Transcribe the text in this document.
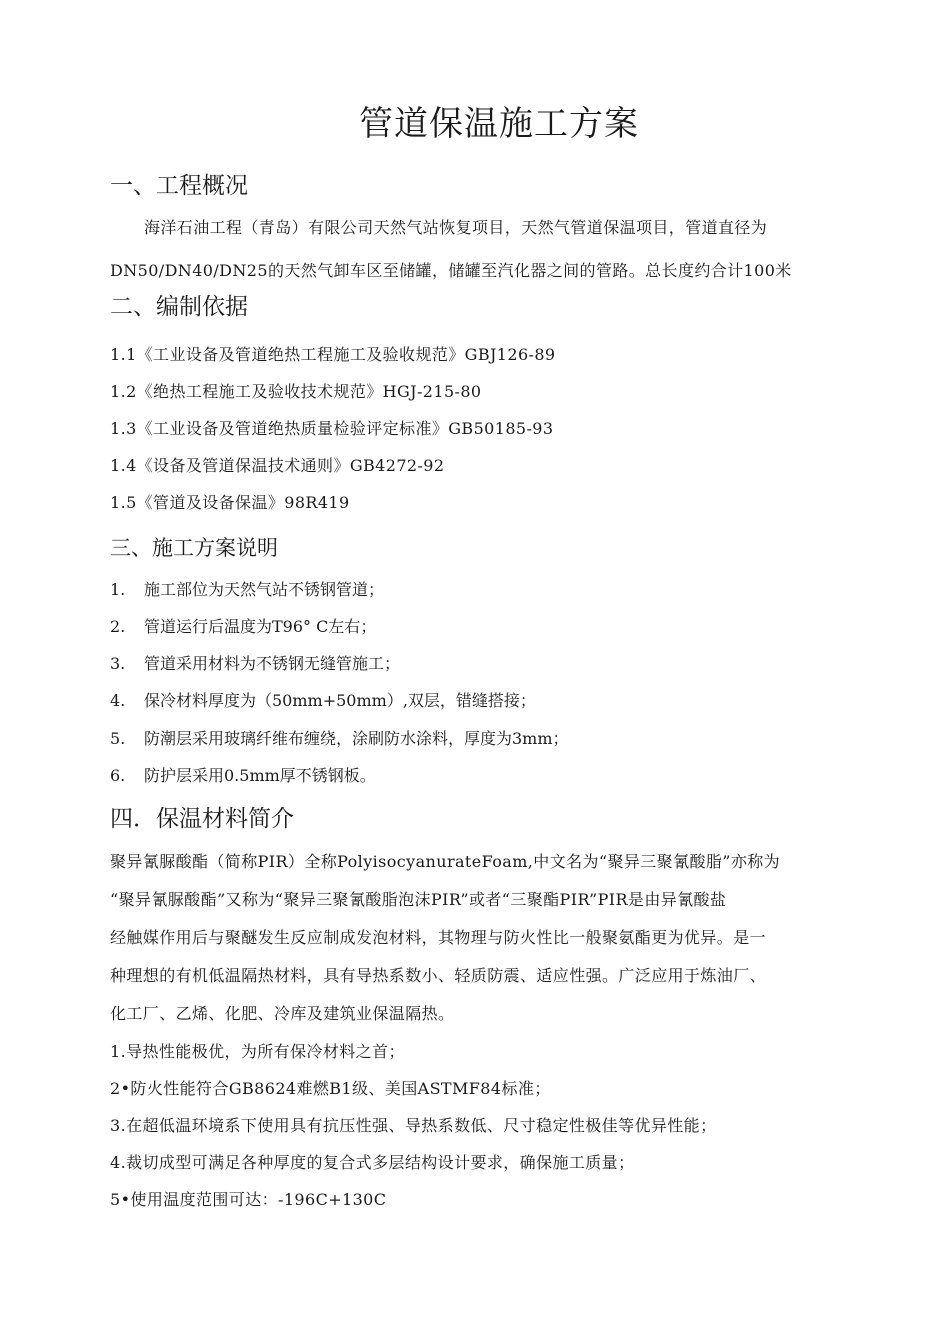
管道保温施工方案
一、工程概况
海洋石油工程（青岛）有限公司天然气站恢复项目，天然气管道保温项目，管道直径为
DN50/DN40/DN25的天然气卸车区至储罐，储罐至汽化器之间的管路。总长度约合计100米
二、编制依据
1.1《工业设备及管道绝热工程施工及验收规范》GBJ126-89
1.2《绝热工程施工及验收技术规范》HGJ-215-80
1.3《工业设备及管道绝热质量检验评定标准》GB50185-93
1.4《设备及管道保温技术通则》GB4272-92
1.5《管道及设备保温》98R419
三、施工方案说明
1. 施工部位为天然气站不锈钢管道；
2. 管道运行后温度为T96° C左右；
3. 管道采用材料为不锈钢无缝管施工；
4. 保冷材料厚度为（50mm+50mm）,双层，错缝搭接；
5. 防潮层采用玻璃纤维布缠绕，涂刷防水涂料，厚度为3mm；
6. 防护层采用0.5mm厚不锈钢板。
四．保温材料简介
聚异氰脲酸酯（简称PIR）全称PolyisocyanurateFoam,中文名为“聚异三聚氰酸脂”亦称为
“聚异氰脲酸酯”又称为“聚异三聚氰酸脂泡沫PIR”或者“三聚酯PIR”PIR是由异氰酸盐
经触媒作用后与聚醚发生反应制成发泡材料，其物理与防火性比一般聚氨酯更为优异。是一
种理想的有机低温隔热材料，具有导热系数小、轻质防震、适应性强。广泛应用于炼油厂、
化工厂、乙烯、化肥、冷库及建筑业保温隔热。
1.导热性能极优，为所有保冷材料之首；
2•防火性能符合GB8624难燃B1级、美国ASTMF84标准；
3.在超低温环境系下使用具有抗压性强、导热系数低、尺寸稳定性极佳等优异性能；
4.裁切成型可满足各种厚度的复合式多层结构设计要求，确保施工质量；
5•使用温度范围可达：-196C+130C
